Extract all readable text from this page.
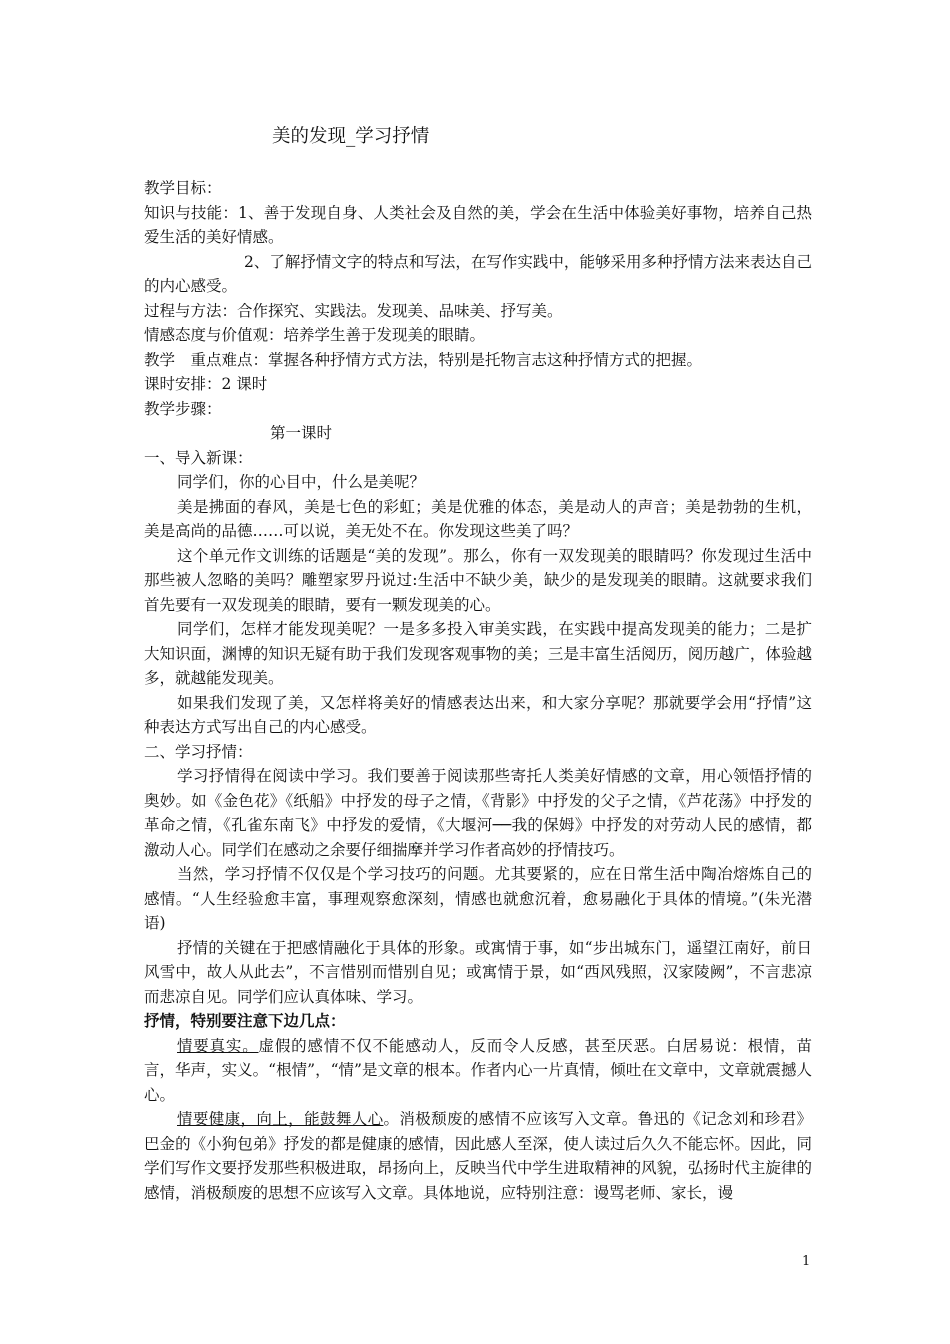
美的发现_学习抒情

教学目标：

知识与技能：1、善于发现自身、人类社会及自然的美，学会在生活中体验美好事物，培养自己热爱生活的美好情感。

2、了解抒情文字的特点和写法，在写作实践中，能够采用多种抒情方法来表达自己的内心感受。

过程与方法：合作探究、实践法。发现美、品味美、抒写美。

情感态度与价值观：培养学生善于发现美的眼睛。

教学　重点难点：掌握各种抒情方式方法，特别是托物言志这种抒情方式的把握。

课时安排：2 课时

教学步骤：

第一课时

一、导入新课：

同学们，你的心目中，什么是美呢？

美是拂面的春风，美是七色的彩虹；美是优雅的体态，美是动人的声音；美是勃勃的生机，美是高尚的品德……可以说，美无处不在。你发现这些美了吗？

这个单元作文训练的话题是“美的发现”。那么，你有一双发现美的眼睛吗？你发现过生活中那些被人忽略的美吗？雕塑家罗丹说过:生活中不缺少美，缺少的是发现美的眼睛。这就要求我们首先要有一双发现美的眼睛，要有一颗发现美的心。

同学们，怎样才能发现美呢？一是多多投入审美实践，在实践中提高发现美的能力；二是扩大知识面，渊博的知识无疑有助于我们发现客观事物的美；三是丰富生活阅历，阅历越广，体验越多，就越能发现美。

如果我们发现了美，又怎样将美好的情感表达出来，和大家分享呢？那就要学会用“抒情”这种表达方式写出自己的内心感受。

二、学习抒情：

学习抒情得在阅读中学习。我们要善于阅读那些寄托人类美好情感的文章，用心领悟抒情的奥妙。如《金色花》《纸船》中抒发的母子之情，《背影》中抒发的父子之情，《芦花荡》中抒发的革命之情，《孔雀东南飞》中抒发的爱情，《大堰河──我的保姆》中抒发的对劳动人民的感情，都激动人心。同学们在感动之余要仔细揣摩并学习作者高妙的抒情技巧。

当然，学习抒情不仅仅是个学习技巧的问题。尤其要紧的，应在日常生活中陶冶熔炼自己的感情。“人生经验愈丰富，事理观察愈深刻，情感也就愈沉着，愈易融化于具体的情境。”(朱光潜语)

抒情的关键在于把感情融化于具体的形象。或寓情于事，如“步出城东门，遥望江南好，前日风雪中，故人从此去”，不言惜别而惜别自见；或寓情于景，如“西风残照，汉家陵阙”，不言悲凉而悲凉自见。同学们应认真体味、学习。

抒情，特别要注意下边几点：

情要真实。虚假的感情不仅不能感动人，反而令人反感，甚至厌恶。白居易说：根情，苗言，华声，实义。“根情”，“情”是文章的根本。作者内心一片真情，倾吐在文章中，文章就震撼人心。

情要健康，向上，能鼓舞人心。消极颓废的感情不应该写入文章。鲁迅的《记念刘和珍君》巴金的《小狗包弟》抒发的都是健康的感情，因此感人至深，使人读过后久久不能忘怀。因此，同学们写作文要抒发那些积极进取，昂扬向上，反映当代中学生进取精神的风貌，弘扬时代主旋律的感情，消极颓废的思想不应该写入文章。具体地说，应特别注意：谩骂老师、家长，谩

1
